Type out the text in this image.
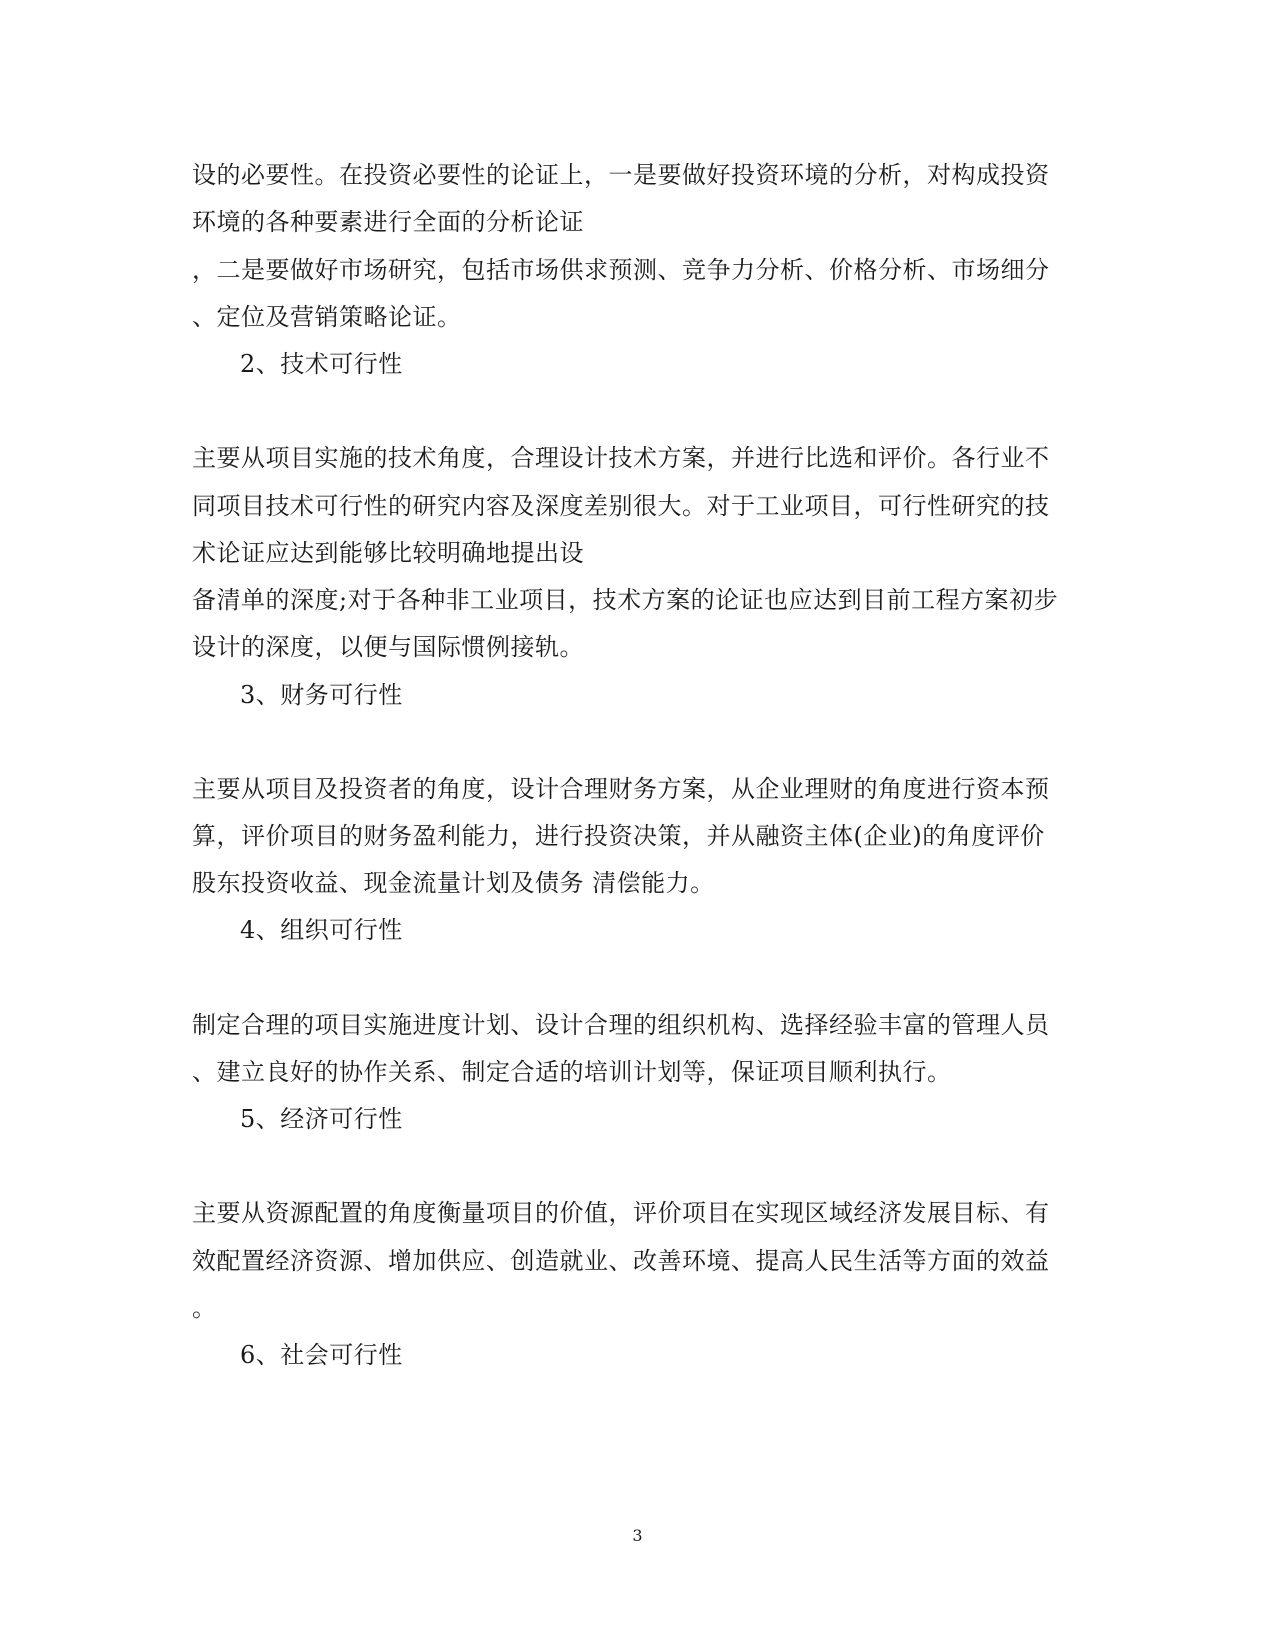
设的必要性。在投资必要性的论证上，一是要做好投资环境的分析，对构成投资
环境的各种要素进行全面的分析论证
，二是要做好市场研究，包括市场供求预测、竞争力分析、价格分析、市场细分
、定位及营销策略论证。
2、技术可行性
主要从项目实施的技术角度，合理设计技术方案，并进行比选和评价。各行业不
同项目技术可行性的研究内容及深度差别很大。对于工业项目，可行性研究的技
术论证应达到能够比较明确地提出设
备清单的深度;对于各种非工业项目，技术方案的论证也应达到目前工程方案初步
设计的深度，以便与国际惯例接轨。
3、财务可行性
主要从项目及投资者的角度，设计合理财务方案，从企业理财的角度进行资本预
算，评价项目的财务盈利能力，进行投资决策，并从融资主体(企业)的角度评价
股东投资收益、现金流量计划及债务 清偿能力。
4、组织可行性
制定合理的项目实施进度计划、设计合理的组织机构、选择经验丰富的管理人员
、建立良好的协作关系、制定合适的培训计划等，保证项目顺利执行。
5、经济可行性
主要从资源配置的角度衡量项目的价值，评价项目在实现区域经济发展目标、有
效配置经济资源、增加供应、创造就业、改善环境、提高人民生活等方面的效益
。
6、社会可行性
3
